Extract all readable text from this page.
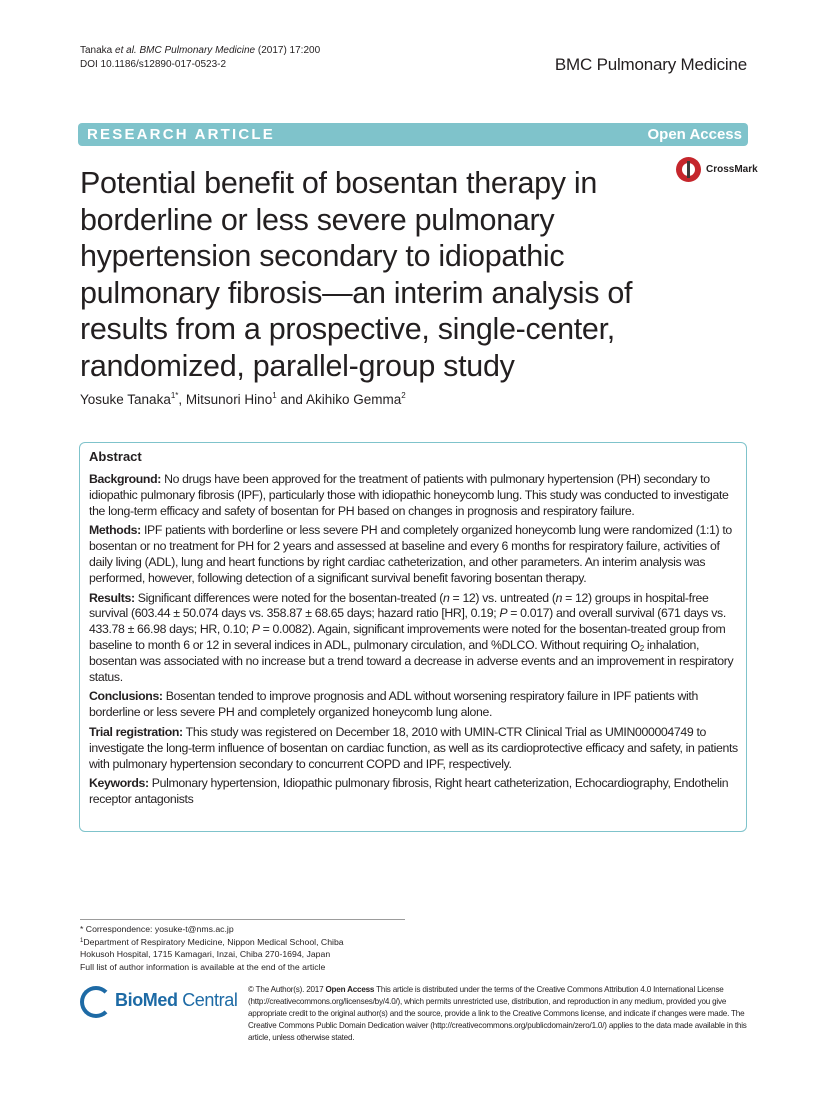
Tanaka et al. BMC Pulmonary Medicine (2017) 17:200
DOI 10.1186/s12890-017-0523-2	BMC Pulmonary Medicine
RESEARCH ARTICLE	Open Access
CrossMark
Potential benefit of bosentan therapy in
borderline or less severe pulmonary
hypertension secondary to idiopathic
pulmonary fibrosis—an interim analysis of
results from a prospective, single-center,
randomized, parallel-group study
Yosuke Tanaka$^{1*}$, Mitsunori Hino$^1$ and Akihiko Gemma$^2$
Abstract

Background: No drugs have been approved for the treatment of patients with pulmonary hypertension (PH) secondary to idiopathic pulmonary fibrosis (IPF), particularly those with idiopathic honeycomb lung. This study was conducted to investigate the long-term efficacy and safety of bosentan for PH based on changes in prognosis and respiratory failure.

Methods: IPF patients with borderline or less severe PH and completely organized honeycomb lung were randomized (1:1) to bosentan or no treatment for PH for 2 years and assessed at baseline and every 6 months for respiratory failure, activities of daily living (ADL), lung and heart functions by right cardiac catheterization, and other parameters. An interim analysis was performed, however, following detection of a significant survival benefit favoring bosentan therapy.

Results: Significant differences were noted for the bosentan-treated (n = 12) vs. untreated (n = 12) groups in hospital-free survival (603.44 ± 50.074 days vs. 358.87 ± 68.65 days; hazard ratio [HR], 0.19; P = 0.017) and overall survival (671 days vs. 433.78 ± 66.98 days; HR, 0.10; P = 0.0082). Again, significant improvements were noted for the bosentan-treated group from baseline to month 6 or 12 in several indices in ADL, pulmonary circulation, and %DLCO. Without requiring $O_2$ inhalation, bosentan was associated with no increase but a trend toward a decrease in adverse events and an improvement in respiratory status.

Conclusions: Bosentan tended to improve prognosis and ADL without worsening respiratory failure in IPF patients with borderline or less severe PH and completely organized honeycomb lung alone.

Trial registration: This study was registered on December 18, 2010 with UMIN-CTR Clinical Trial as UMIN000004749 to investigate the long-term influence of bosentan on cardiac function, as well as its cardioprotective efficacy and safety, in patients with pulmonary hypertension secondary to concurrent COPD and IPF, respectively.

Keywords: Pulmonary hypertension, Idiopathic pulmonary fibrosis, Right heart catheterization, Echocardiography, Endothelin receptor antagonists

* Correspondence: yosuke-t@nms.ac.jp

$^1$Department of Respiratory Medicine, Nippon Medical School, Chiba

Hokusoh Hospital, 1715 Kamagari, Inzai, Chiba 270-1694, Japan

Full list of author information is available at the end of the article

BioMed Central
© The Author(s). 2017 Open Access This article is distributed under the terms of the Creative Commons Attribution 4.0 International License (http://creativecommons.org/licenses/by/4.0/), which permits unrestricted use, distribution, and reproduction in any medium, provided you give appropriate credit to the original author(s) and the source, provide a link to the Creative Commons license, and indicate if changes were made. The Creative Commons Public Domain Dedication waiver (http://creativecommons.org/publicdomain/zero/1.0/) applies to the data made available in this article, unless otherwise stated.
